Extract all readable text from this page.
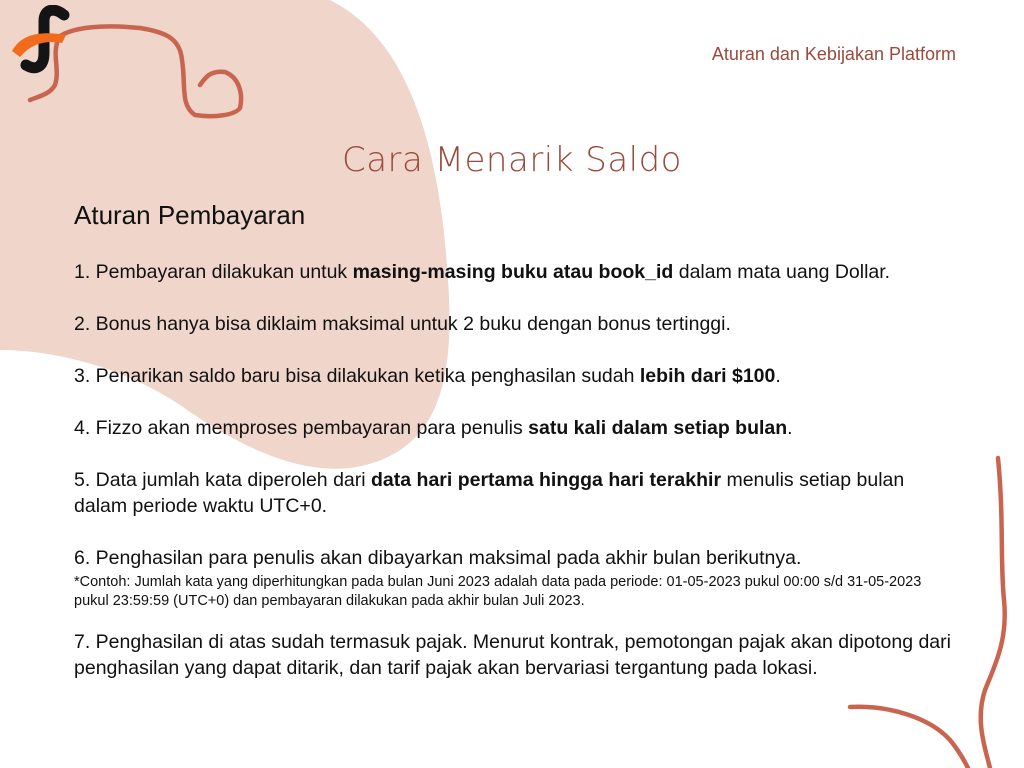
Aturan dan Kebijakan Platform
Cara Menarik Saldo
Aturan Pembayaran
1. Pembayaran dilakukan untuk masing-masing buku atau book_id dalam mata uang Dollar.
2. Bonus hanya bisa diklaim maksimal untuk 2 buku dengan bonus tertinggi.
3. Penarikan saldo baru bisa dilakukan ketika penghasilan sudah lebih dari $100.
4. Fizzo akan memproses pembayaran para penulis satu kali dalam setiap bulan.
5. Data jumlah kata diperoleh dari data hari pertama hingga hari terakhir menulis setiap bulan dalam periode waktu UTC+0.
6. Penghasilan para penulis akan dibayarkan maksimal pada akhir bulan berikutnya.
*Contoh: Jumlah kata yang diperhitungkan pada bulan Juni 2023 adalah data pada periode: 01-05-2023 pukul 00:00 s/d 31-05-2023 pukul 23:59:59 (UTC+0) dan pembayaran dilakukan pada akhir bulan Juli 2023.
7. Penghasilan di atas sudah termasuk pajak. Menurut kontrak, pemotongan pajak akan dipotong dari penghasilan yang dapat ditarik, dan tarif pajak akan bervariasi tergantung pada lokasi.
